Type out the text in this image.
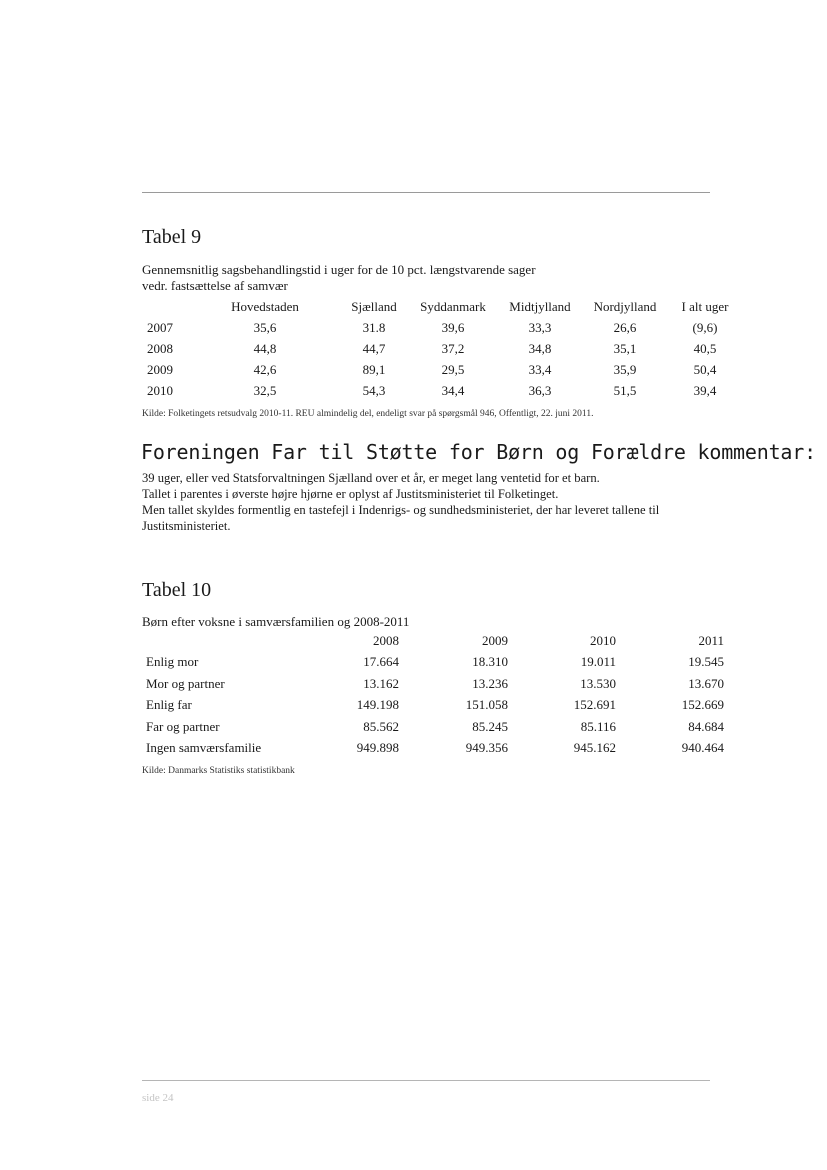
Tabel 9
Gennemsnitlig sagsbehandlingstid i uger for de 10 pct. længstvarende sager
vedr. fastsættelse af samvær
	Hovedstaden	Sjælland	Syddanmark	Midtjylland	Nordjylland	I alt uger
2007	35,6	31.8	39,6	33,3	26,6	(9,6)
2008	44,8	44,7	37,2	34,8	35,1	40,5
2009	42,6	89,1	29,5	33,4	35,9	50,4
2010	32,5	54,3	34,4	36,3	51,5	39,4
Kilde: Folketingets retsudvalg 2010-11. REU almindelig del, endeligt svar på spørgsmål 946, Offentligt, 22. juni 2011.
Foreningen Far til Støtte for Børn og Forældre kommentar:
39 uger, eller ved Statsforvaltningen Sjælland over et år, er meget lang ventetid for et barn.
Tallet i parentes i øverste højre hjørne er oplyst af Justitsministeriet til Folketinget.
Men tallet skyldes formentlig en tastefejl i Indenrigs- og sundhedsministeriet, der har leveret tallene til Justitsministeriet.
Tabel 10
Børn efter voksne i samværsfamilien og 2008-2011
	2008	2009	2010	2011
Enlig mor	17.664	18.310	19.011	19.545
Mor og partner	13.162	13.236	13.530	13.670
Enlig far	149.198	151.058	152.691	152.669
Far og partner	85.562	85.245	85.116	84.684
Ingen samværsfamilie	949.898	949.356	945.162	940.464
Kilde: Danmarks Statistiks statistikbank
side 24
